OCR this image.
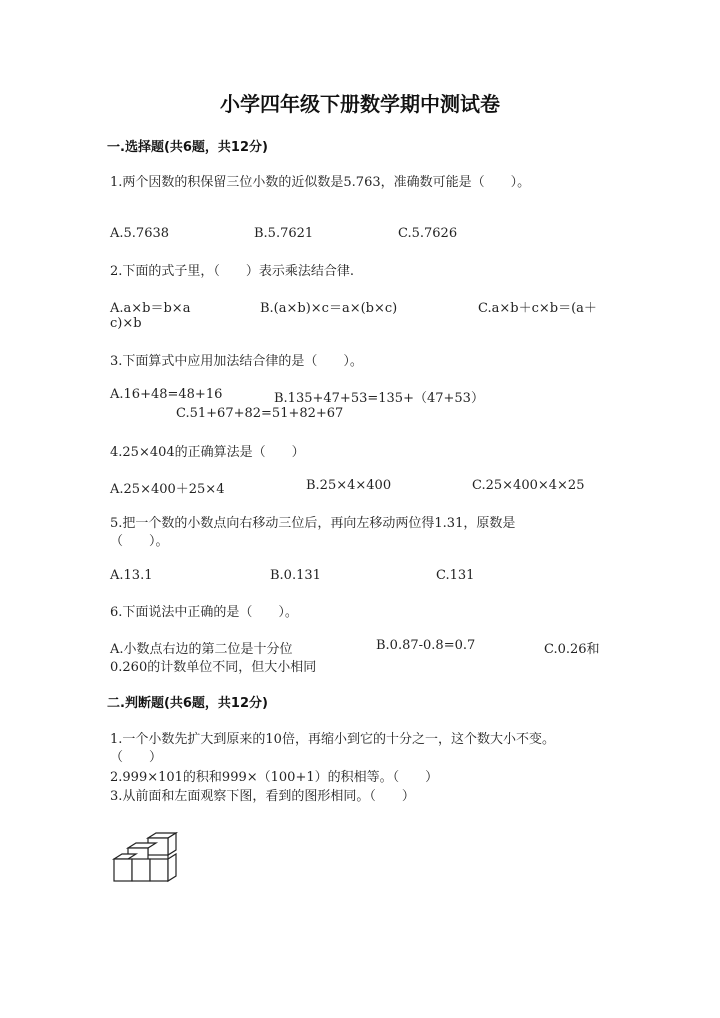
小学四年级下册数学期中测试卷
一.选择题(共6题，共12分)
1.两个因数的积保留三位小数的近似数是5.763，准确数可能是（　　）。
A.5.7638	B.5.7621	C.5.7626
2.下面的式子里，（　　）表示乘法结合律.
A.a×b＝b×a	B.(a×b)×c＝a×(b×c)	C.a×b＋c×b＝(a＋
c)×b
3.下面算式中应用加法结合律的是（　　）。
A.16+48=48+16	B.135+47+53=135+（47+53）
C.51+67+82=51+82+67
4.25×404的正确算法是（　　）
A.25×400＋25×4	B.25×4×400	C.25×400×4×25
5.把一个数的小数点向右移动三位后，再向左移动两位得1.31，原数是
（　　）。
A.13.1	B.0.131	C.131
6.下面说法中正确的是（　　）。
A.小数点右边的第二位是十分位	B.0.87-0.8=0.7	C.0.26和
0.260的计数单位不同，但大小相同
二.判断题(共6题，共12分)
1.一个小数先扩大到原来的10倍，再缩小到它的十分之一，这个数大小不变。
（　　）
2.999×101的积和999×（100+1）的积相等。（　　）
3.从前面和左面观察下图，看到的图形相同。（　　）
